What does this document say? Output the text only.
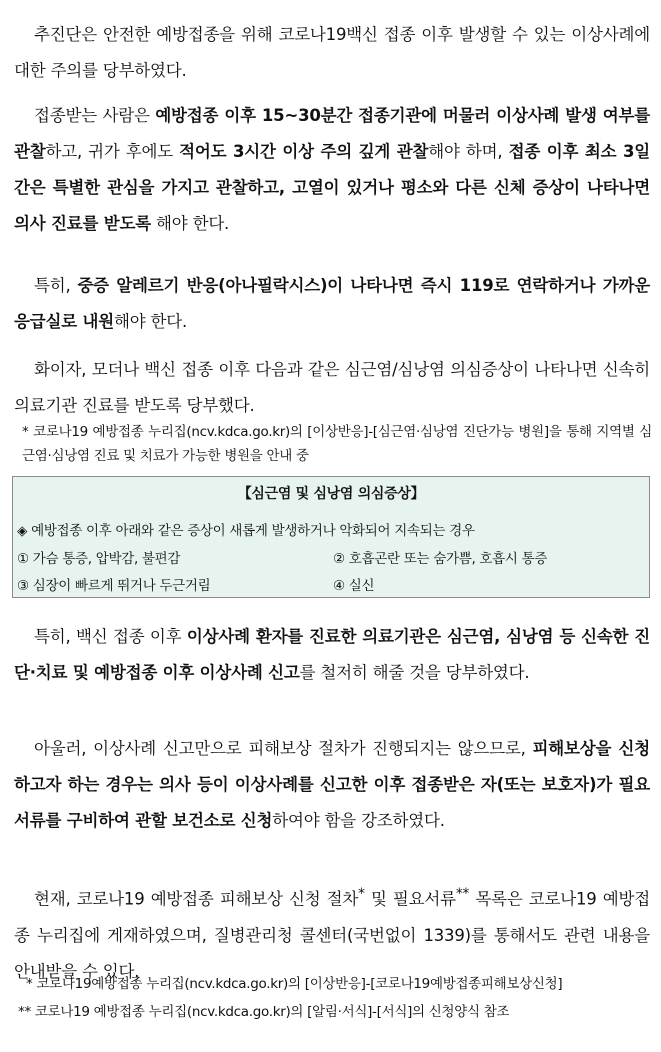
추진단은 안전한 예방접종을 위해 코로나19백신 접종 이후 발생할 수 있는 이상사례에 대한 주의를 당부하였다.
접종받는 사람은 예방접종 이후 15~30분간 접종기관에 머물러 이상사례 발생 여부를 관찰하고, 귀가 후에도 적어도 3시간 이상 주의 깊게 관찰해야 하며, 접종 이후 최소 3일간은 특별한 관심을 가지고 관찰하고, 고열이 있거나 평소와 다른 신체 증상이 나타나면 의사 진료를 받도록 해야 한다.
특히, 중증 알레르기 반응(아나필락시스)이 나타나면 즉시 119로 연락하거나 가까운 응급실로 내원해야 한다.
화이자, 모더나 백신 접종 이후 다음과 같은 심근염/심낭염 의심증상이 나타나면 신속히 의료기관 진료를 받도록 당부했다.
* 코로나19 예방접종 누리집(ncv.kdca.go.kr)의 [이상반응]-[심근염·심낭염 진단가능 병원]을 통해 지역별 심근염·심낭염 진료 및 치료가 가능한 병원을 안내 중
【심근염 및 심낭염 의심증상】
◈ 예방접종 이후 아래와 같은 증상이 새롭게 발생하거나 악화되어 지속되는 경우
① 가슴 통증, 압박감, 불편감	② 호흡곤란 또는 숨가쁨, 호흡시 통증
③ 심장이 빠르게 뛰거나 두근거림	④ 실신
특히, 백신 접종 이후 이상사례 환자를 진료한 의료기관은 심근염, 심낭염 등 신속한 진단·치료 및 예방접종 이후 이상사례 신고를 철저히 해줄 것을 당부하였다.
아울러, 이상사례 신고만으로 피해보상 절차가 진행되지는 않으므로, 피해보상을 신청하고자 하는 경우는 의사 등이 이상사례를 신고한 이후 접종받은 자(또는 보호자)가 필요서류를 구비하여 관할 보건소로 신청하여야 함을 강조하였다.
현재, 코로나19 예방접종 피해보상 신청 절차* 및 필요서류** 목록은 코로나19 예방접종 누리집에 게재하였으며, 질병관리청 콜센터(국번없이 1339)를 통해서도 관련 내용을 안내받을 수 있다.
* 코로나19예방접종 누리집(ncv.kdca.go.kr)의 [이상반응]-[코로나19예방접종피해보상신청]
** 코로나19 예방접종 누리집(ncv.kdca.go.kr)의 [알림·서식]-[서식]의 신청양식 참조
